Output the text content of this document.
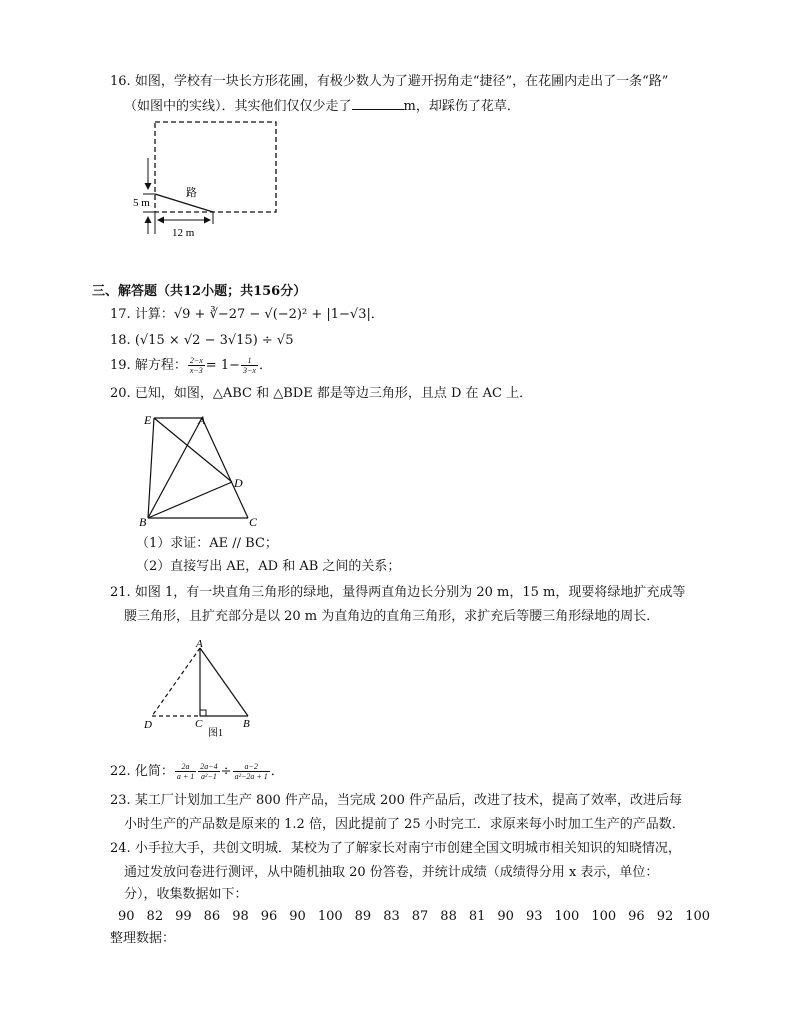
16. 如图，学校有一块长方形花圃，有极少数人为了避开拐角走“捷径”，在花圃内走出了一条“路”
（如图中的实线）．其实他们仅仅少走了	m，却踩伤了花草．
路
5 m
12 m
三、解答题（共12小题；共156分）
17. 计算：√9 + ∛−27 − √(−2)² + |1−√3|．
18. (√15 × √2 − 3√15) ÷ √5
19. 解方程： $\frac{2-x}{x-3} = 1- \frac{1}{3-x}$ ．
20. 已知，如图，△ABC 和 △BDE 都是等边三角形，且点 D 在 AC 上．
E	A
D
B	C
（1）求证：AE // BC；
（2）直接写出 AE，AD 和 AB 之间的关系；
21. 如图 1，有一块直角三角形的绿地，量得两直角边长分别为 20 m，15 m，现要将绿地扩充成等
腰三角形，且扩充部分是以 20 m 为直角边的直角三角形，求扩充后等腰三角形绿地的周长．
A
D	C	B
图1
22. 化简： $\frac{2a}{a + 1} \frac{2a-4}{\text{a²−1}} \div \frac{a-2}{\text{a²−2a + 1}}$ ．
23. 某工厂计划加工生产 800 件产品，当完成 200 件产品后，改进了技术，提高了效率，改进后每
小时生产的产品数是原来的 1.2 倍，因此提前了 25 小时完工．求原来每小时加工生产的产品数．
24. 小手拉大手，共创文明城．某校为了了解家长对南宁市创建全国文明城市相关知识的知晓情况，
通过发放问卷进行测评，从中随机抽取 20 份答卷，并统计成绩（成绩得分用 x 表示，单位：
分），收集数据如下：
90 82 99 86 98 96 90 100 89 83 87 88 81 90 93 100 100 96 92 100
整理数据：
